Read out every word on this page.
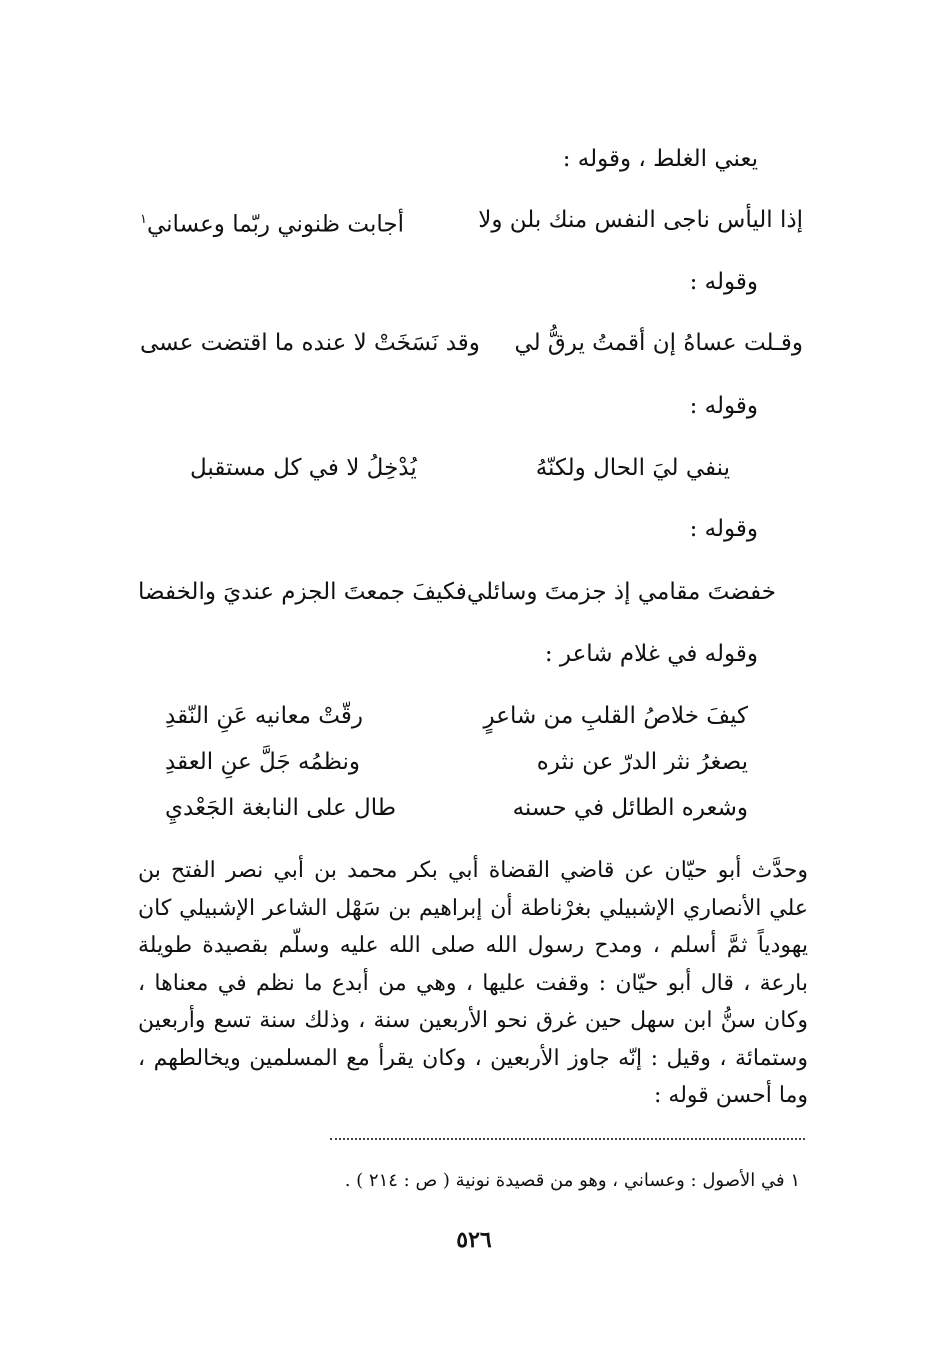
يعني الغلط ، وقوله :
إذا اليأس ناجى النفس منك بلن ولا
أجابت ظنوني ربّما وعساني$^١$
وقوله :
وقـلت عساهُ إن أقمتُ يرقُّ لي
وقد نَسَخَتْ لا عنده ما اقتضت عسى
وقوله :
ينفي ليَ الحال ولكنّهُ
يُدْخِلُ لا في كل مستقبل
وقوله :
خفضتَ مقامي إذ جزمتَ وسائلي
فكيفَ جمعتَ الجزم عنديَ والخفضا
وقوله في غلام شاعر :
كيفَ خلاصُ القلبِ من شاعرٍ
رقّتْ معانيه عَنِ النّقدِ
يصغرُ نثر الدرّ عن نثره
ونظمُه جَلَّ عنِ العقدِ
وشعره الطائل في حسنه
طال على النابغة الجَعْديِ

وحدَّث أبو حيّان عن قاضي القضاة أبي بكر محمد بن أبي نصر الفتح بن علي الأنصاري الإشبيلي بغرْناطة أن إبراهيم بن سَهْل الشاعر الإشبيلي كان يهودياً ثمَّ أسلم ، ومدح رسول الله صلى الله عليه وسلّم بقصيدة طويلة بارعة ، قال أبو حيّان : وقفت عليها ، وهي من أبدع ما نظم في معناها ، وكان سنُّ ابن سهل حين غرق نحو الأربعين سنة ، وذلك سنة تسع وأربعين وستمائة ، وقيل : إنّه جاوز الأربعين ، وكان يقرأ مع المسلمين ويخالطهم ، وما أحسن قوله :

١ في الأصول : وعساني ، وهو من قصيدة نونية ( ص : ٢١٤ ) .
٥٢٦
